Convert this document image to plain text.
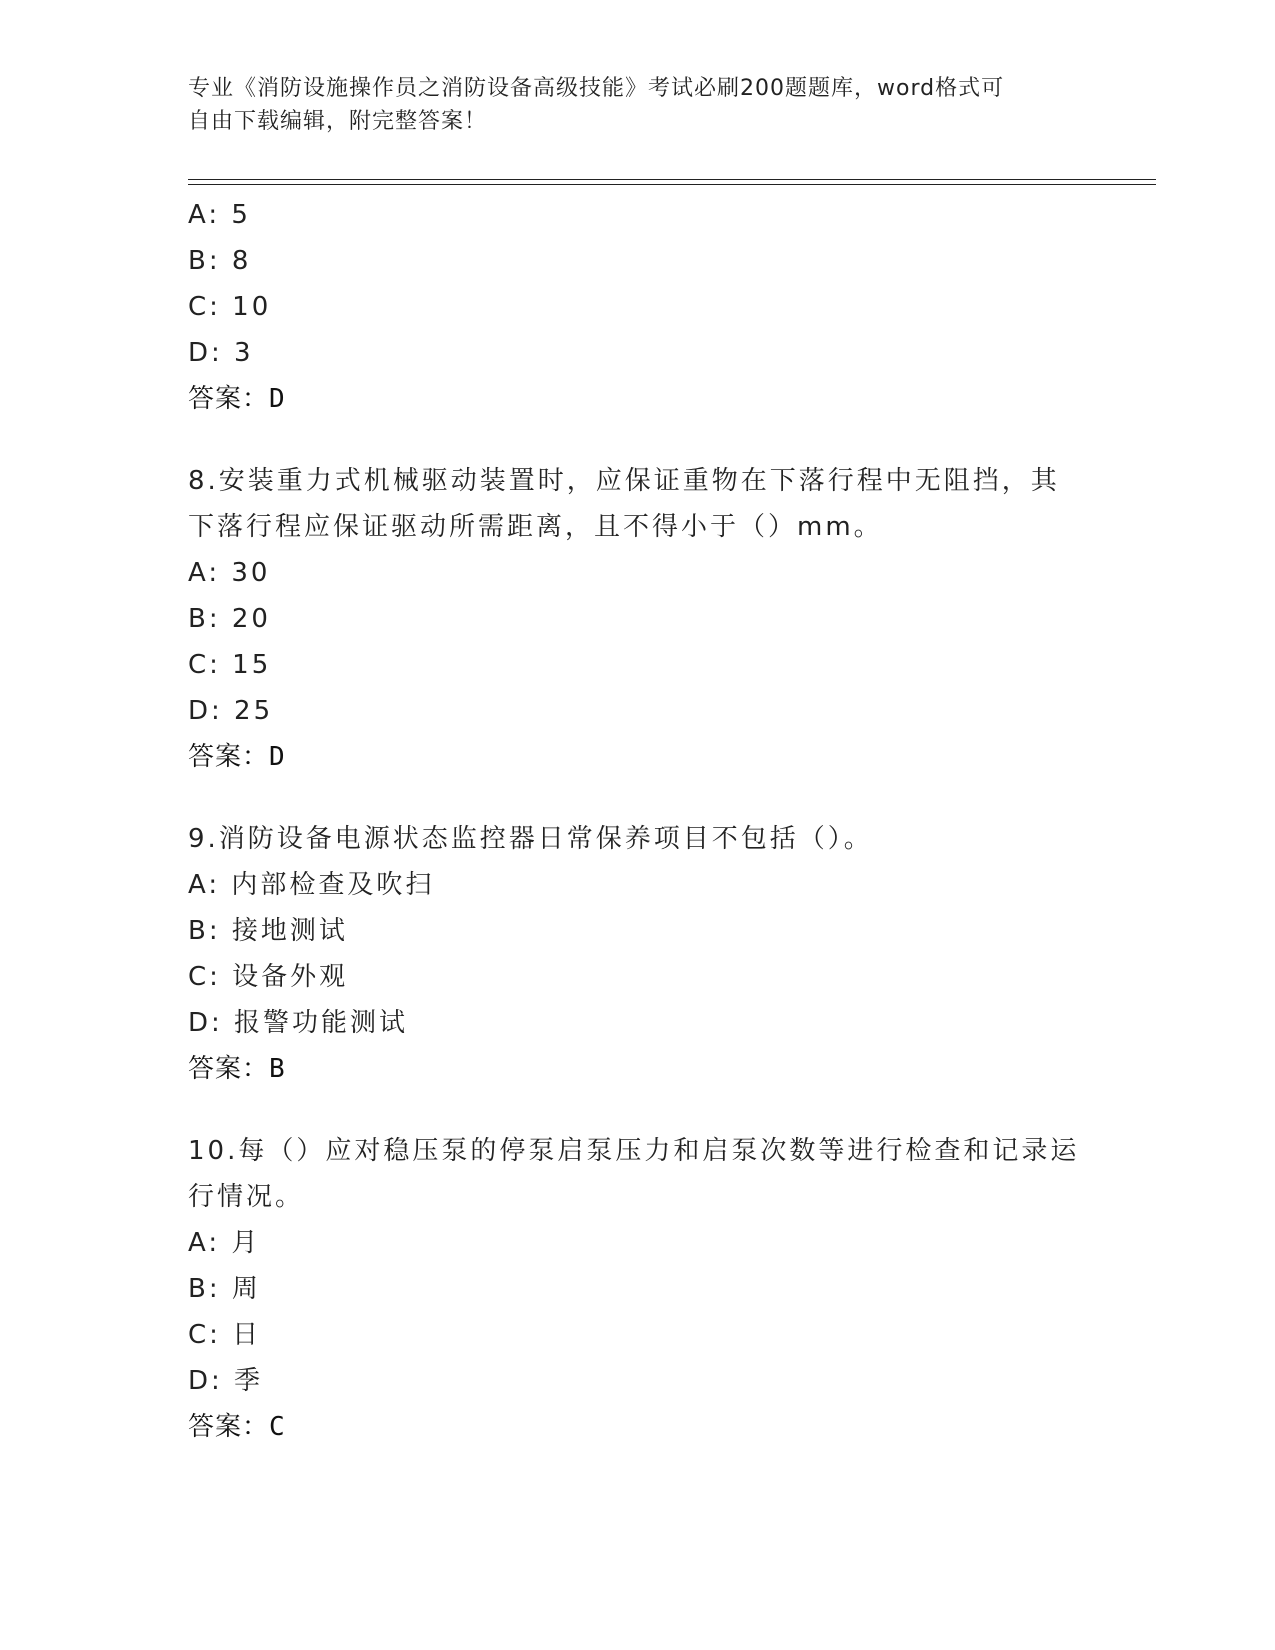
专业《消防设施操作员之消防设备高级技能》考试必刷200题题库，word格式可
自由下载编辑，附完整答案！
A: 5
B: 8
C: 10
D: 3
答案：D
8.安装重力式机械驱动装置时，应保证重物在下落行程中无阻挡，其
下落行程应保证驱动所需距离，且不得小于（）mm。
A: 30
B: 20
C: 15
D: 25
答案：D
9.消防设备电源状态监控器日常保养项目不包括（）。
A: 内部检查及吹扫
B: 接地测试
C: 设备外观
D: 报警功能测试
答案：B
10.每（）应对稳压泵的停泵启泵压力和启泵次数等进行检查和记录运
行情况。
A: 月
B: 周
C: 日
D: 季
答案：C
